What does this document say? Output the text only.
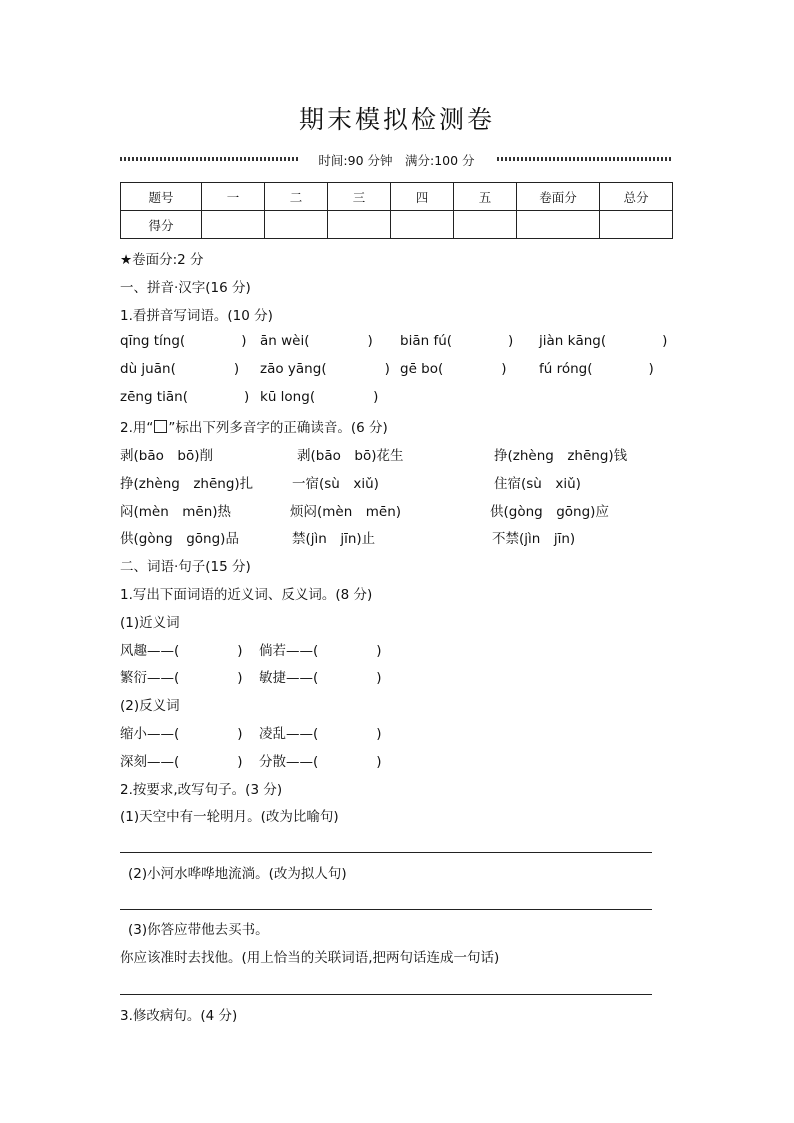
期末模拟检测卷
时间:90 分钟　满分:100 分
题号	一	二	三	四	五	卷面分	总分
得分							
★卷面分:2 分
一、拼音·汉字(16 分)
1.看拼音写词语。(10 分)
qīng tíng(	) ān wèi(	) biān fú(	) jiàn kāng(	)
dù juān(	) zāo yāng(	) gē bo(	) fú róng(	)
zēng tiān(	) kū long(	)
2.用“ ”标出下列多音字的正确读音。(6 分)
剥(bāo　bō)削	剥(bāo　bō)花生	挣(zhèng　zhēng)钱
挣(zhèng　zhēng)扎	一宿(sù　xiǔ)	住宿(sù　xiǔ)
闷(mèn　mēn)热	烦闷(mèn　mēn)	供(gòng　gōng)应
供(gòng　gōng)品	禁(jìn　jīn)止	不禁(jìn　jīn)
二、词语·句子(15 分)
1.写出下面词语的近义词、反义词。(8 分)
(1)近义词
风趣——(	) 倘若——(	)
繁衍——(	) 敏捷——(	)
(2)反义词
缩小——(	) 凌乱——(	)
深刻——(	) 分散——(	)
2.按要求,改写句子。(3 分)
(1)天空中有一轮明月。(改为比喻句)
(2)小河水哗哗地流淌。(改为拟人句)
(3)你答应带他去买书。
你应该准时去找他。(用上恰当的关联词语,把两句话连成一句话)
3.修改病句。(4 分)
